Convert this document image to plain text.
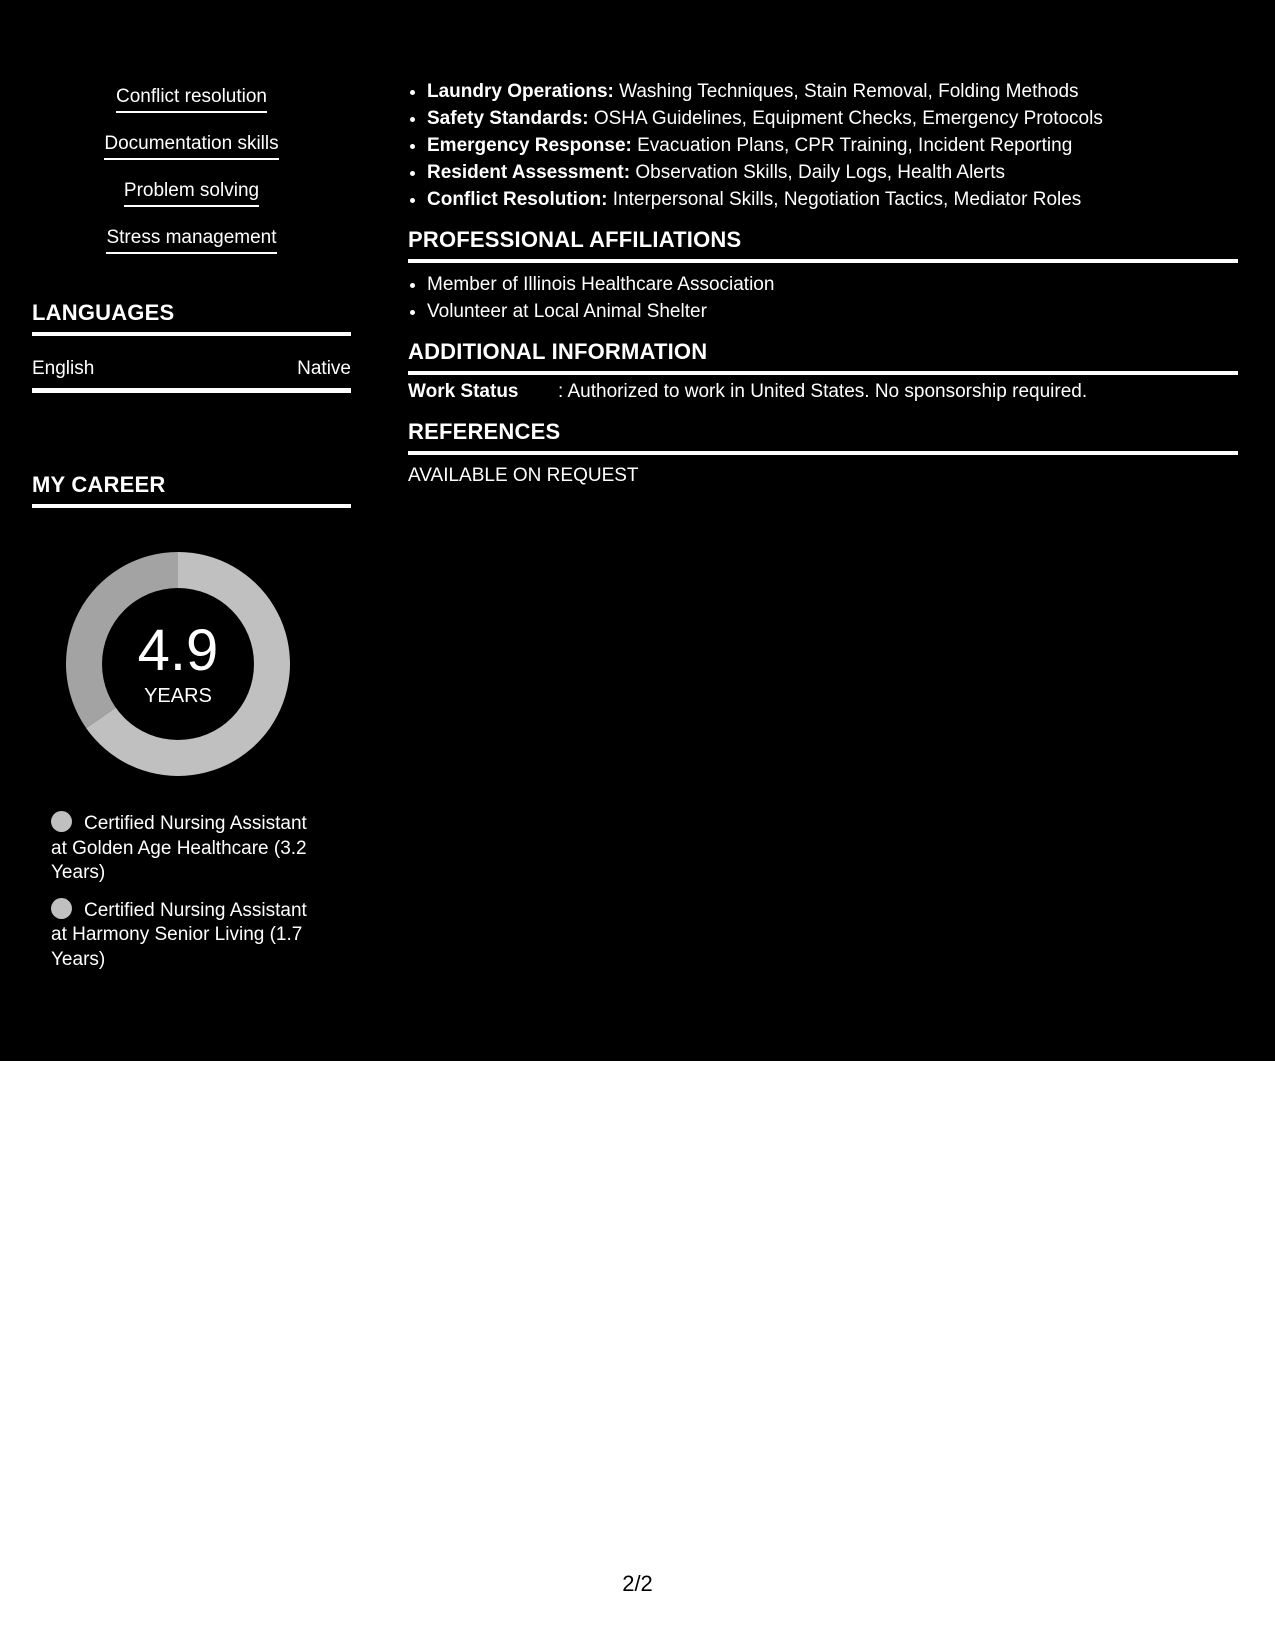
Conflict resolution
Documentation skills
Problem solving
Stress management
LANGUAGES
English	Native
MY CAREER
4.9
YEARS
Certified Nursing Assistant at Golden Age Healthcare (3.2 Years)
Certified Nursing Assistant at Harmony Senior Living (1.7 Years)
• Laundry Operations: Washing Techniques, Stain Removal, Folding Methods
• Safety Standards: OSHA Guidelines, Equipment Checks, Emergency Protocols
• Emergency Response: Evacuation Plans, CPR Training, Incident Reporting
• Resident Assessment: Observation Skills, Daily Logs, Health Alerts
• Conflict Resolution: Interpersonal Skills, Negotiation Tactics, Mediator Roles
PROFESSIONAL AFFILIATIONS
• Member of Illinois Healthcare Association
• Volunteer at Local Animal Shelter
ADDITIONAL INFORMATION
Work Status	: Authorized to work in United States. No sponsorship required.
REFERENCES
AVAILABLE ON REQUEST
2/2
